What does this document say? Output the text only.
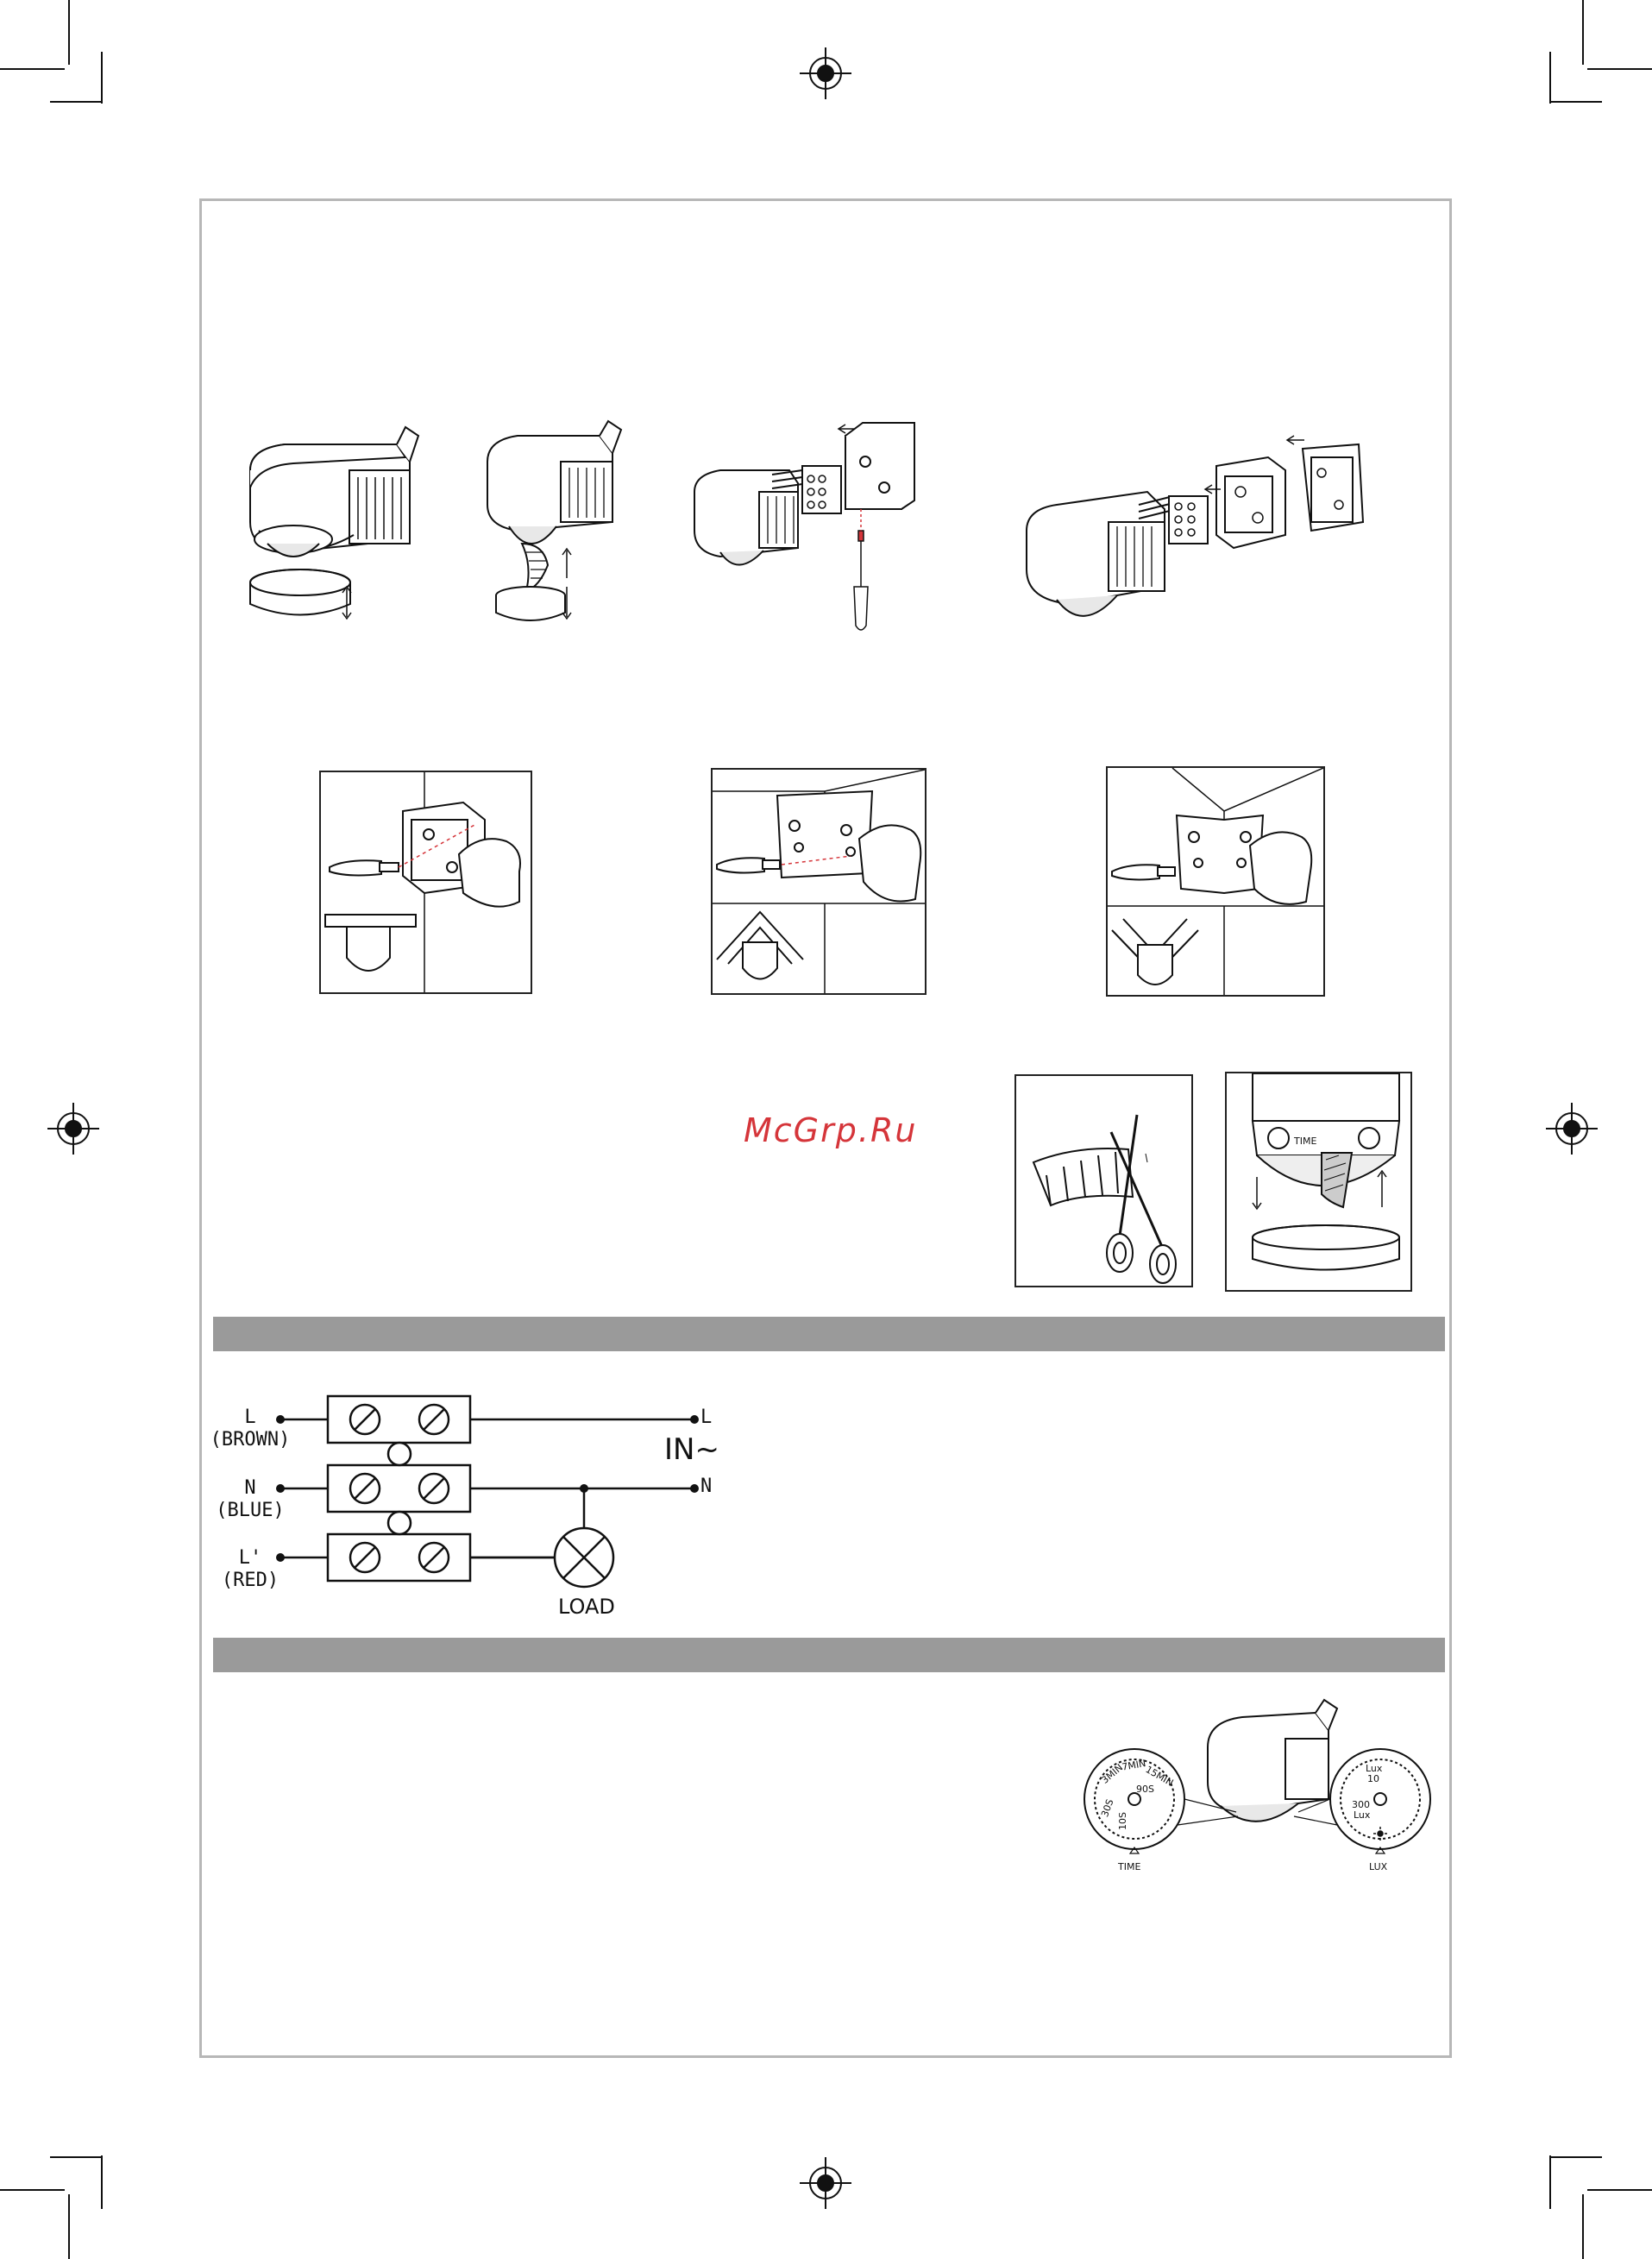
McGrp.Ru	TIME
L
(BROWN)
N
(BLUE)
L'
(RED)
L
N
IN~
LOAD
90S
30S
10S
3MIN
7MIN
15MIN
TIME
300
Lux
10
Lux
LUX
